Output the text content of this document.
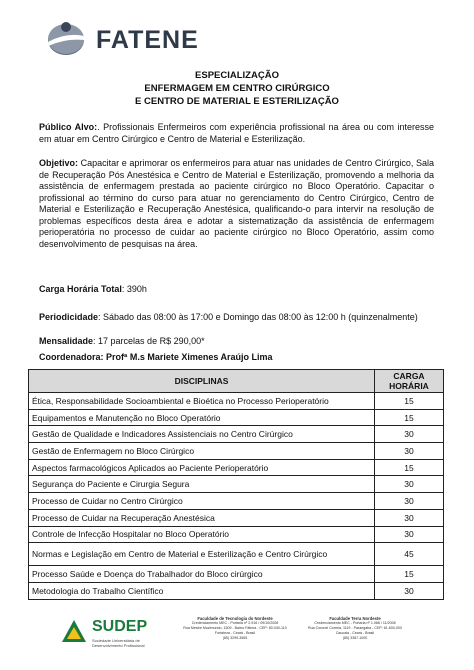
FATENE
ESPECIALIZAÇÃO
ENFERMAGEM EM CENTRO CIRÚRGICO
E CENTRO DE MATERIAL E ESTERILIZAÇÃO
Público Alvo:. Profissionais Enfermeiros com experiência profissional na área ou com interesse em atuar em Centro Cirúrgico e Centro de Material e Esterilização.
Objetivo: Capacitar e aprimorar os enfermeiros para atuar nas unidades de Centro Cirúrgico, Sala de Recuperação Pós Anestésica e Centro de Material e Esterilização, promovendo a melhoria da assistência de enfermagem prestada ao paciente cirúrgico no Bloco Operatório. Capacitar o profissional ao término do curso para atuar no gerenciamento do Centro Cirúrgico, Centro de Material e Esterilização e Recuperação Anestésica, qualificando-o para intervir na resolução de problemas específicos desta área e adotar a sistematização da assistência de enfermagem perioperatória no processo de cuidar ao paciente cirúrgico no Bloco Operatório, assim como desenvolvimento de pesquisas na área.
Carga Horária Total: 390h
Periodicidade: Sábado das 08:00 às 17:00 e Domingo das 08:00 às 12:00 h (quinzenalmente)
Mensalidade: 17 parcelas de R$ 290,00*
Coordenadora: Profª M.s Mariete Ximenes Araújo Lima
DISCIPLINAS	CARGA HORÁRIA
Ética, Responsabilidade Socioambiental e Bioética no Processo Perioperatório	15
Equipamentos e Manutenção no Bloco Operatório	15
Gestão de Qualidade e Indicadores Assistenciais no Centro Cirúrgico	30
Gestão de Enfermagem no Bloco Cirúrgico	30
Aspectos farmacológicos Aplicados ao Paciente Perioperatório	15
Segurança do Paciente e Cirurgia Segura	30
Processo de Cuidar no Centro Cirúrgico	30
Processo de Cuidar na Recuperação Anestésica	30
Controle de Infecção Hospitalar no Bloco Operatório	30
Normas e Legislação em Centro de Material e Esterilização e Centro Cirúrgico	45
Processo Saúde e Doença do Trabalhador do Bloco cirúrgico	15
Metodologia do Trabalho Científico	30
SUDEP
Sociedade Universitária de Desenvolvimento Profissional
Faculdade de Tecnologia do Nordeste
Credenciamento MEC - Portaria nº 2.916 / 09/10/2008
Rua Mestre Mozimundo, 1509 - Bairro Fátima - CEP: 60.040-110
Fortaleza - Ceará - Brasil
(85) 3299-3565
Faculdade Terra Nordeste
Credenciamento MEC - Portaria nº 1.086 / 11/2008
Rua Coronel Correia, 1119 - Parangaba - CEP: 61.600-000
Caucaia - Ceará - Brasil
(85) 3387-1000
